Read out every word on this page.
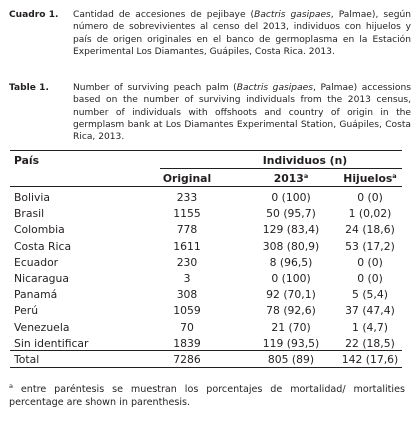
Cuadro 1. Cantidad de accesiones de pejibaye (Bactris gasipaes, Palmae), según número de sobrevivientes al censo del 2013, individuos con hijuelos y país de origen originales en el banco de germoplasma en la Estación Experimental Los Diamantes, Guápiles, Costa Rica. 2013.
Table 1.	Number of surviving peach palm (Bactris gasipaes, Palmae) accessions based on the number of surviving individuals from the 2013 census, number of individuals with offshoots and country of origin in the germplasm bank at Los Diamantes Experimental Station, Guápiles, Costa Rica, 2013.
País	Individuos (n)
Original	2013$^a$	Hijuelos$^a$
Bolivia	233	0 (100)	0 (0)
Brasil	1155	50 (95,7)	1 (0,02)
Colombia	778	129 (83,4)	24 (18,6)
Costa Rica	1611	308 (80,9)	53 (17,2)
Ecuador	230	8 (96,5)	0 (0)
Nicaragua	3	0 (100)	0 (0)
Panamá	308	92 (70,1)	5 (5,4)
Perú	1059	78 (92,6)	37 (47,4)
Venezuela	70	21 (70)	1 (4,7)
Sin identificar	1839	119 (93,5)	22 (18,5)
Total	7286	805 (89)	142 (17,6)
$^a$ entre paréntesis se muestran los porcentajes de mortalidad/ mortalities percentage are shown in parenthesis.
